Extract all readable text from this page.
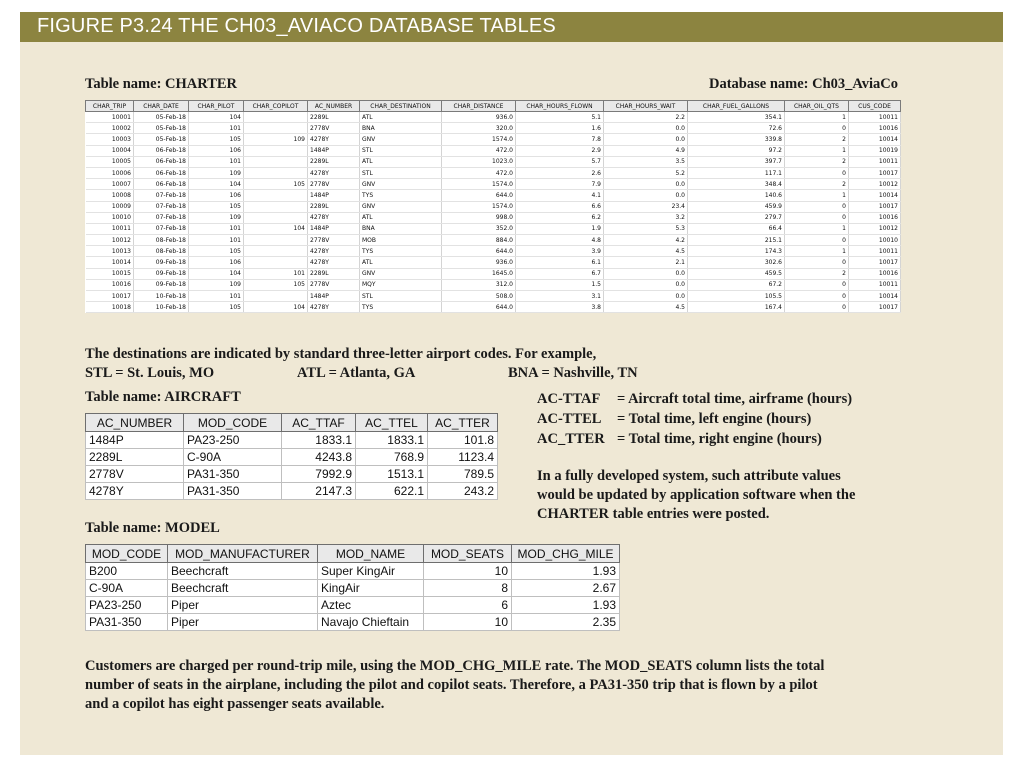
FIGURE P3.24 THE CH03_AVIACO DATABASE TABLES
Table name: CHARTER	Database name: Ch03_AviaCo
CHAR_TRIP	CHAR_DATE	CHAR_PILOT	CHAR_COPILOT	AC_NUMBER	CHAR_DESTINATION	CHAR_DISTANCE	CHAR_HOURS_FLOWN	CHAR_HOURS_WAIT	CHAR_FUEL_GALLONS	CHAR_OIL_QTS	CUS_CODE
10001	05-Feb-18	104		2289L	ATL	936.0	5.1	2.2	354.1	1	10011
10002	05-Feb-18	101		2778V	BNA	320.0	1.6	0.0	72.6	0	10016
10003	05-Feb-18	105	109	4278Y	GNV	1574.0	7.8	0.0	339.8	2	10014
10004	06-Feb-18	106		1484P	STL	472.0	2.9	4.9	97.2	1	10019
10005	06-Feb-18	101		2289L	ATL	1023.0	5.7	3.5	397.7	2	10011
10006	06-Feb-18	109		4278Y	STL	472.0	2.6	5.2	117.1	0	10017
10007	06-Feb-18	104	105	2778V	GNV	1574.0	7.9	0.0	348.4	2	10012
10008	07-Feb-18	106		1484P	TYS	644.0	4.1	0.0	140.6	1	10014
10009	07-Feb-18	105		2289L	GNV	1574.0	6.6	23.4	459.9	0	10017
10010	07-Feb-18	109		4278Y	ATL	998.0	6.2	3.2	279.7	0	10016
10011	07-Feb-18	101	104	1484P	BNA	352.0	1.9	5.3	66.4	1	10012
10012	08-Feb-18	101		2778V	MOB	884.0	4.8	4.2	215.1	0	10010
10013	08-Feb-18	105		4278Y	TYS	644.0	3.9	4.5	174.3	1	10011
10014	09-Feb-18	106		4278Y	ATL	936.0	6.1	2.1	302.6	0	10017
10015	09-Feb-18	104	101	2289L	GNV	1645.0	6.7	0.0	459.5	2	10016
10016	09-Feb-18	109	105	2778V	MQY	312.0	1.5	0.0	67.2	0	10011
10017	10-Feb-18	101		1484P	STL	508.0	3.1	0.0	105.5	0	10014
10018	10-Feb-18	105	104	4278Y	TYS	644.0	3.8	4.5	167.4	0	10017
The destinations are indicated by standard three-letter airport codes. For example,
STL = St. Louis, MO	ATL = Atlanta, GA	BNA = Nashville, TN
Table name: AIRCRAFT
AC_NUMBER	MOD_CODE	AC_TTAF	AC_TTEL	AC_TTER
1484P	PA23-250	1833.1	1833.1	101.8
2289L	C-90A	4243.8	768.9	1123.4
2778V	PA31-350	7992.9	1513.1	789.5
4278Y	PA31-350	2147.3	622.1	243.2
AC-TTAF = Aircraft total time, airframe (hours)
AC-TTEL = Total time, left engine (hours)
AC_TTER = Total time, right engine (hours)
In a fully developed system, such attribute values
would be updated by application software when the
CHARTER table entries were posted.
Table name: MODEL
MOD_CODE	MOD_MANUFACTURER	MOD_NAME	MOD_SEATS	MOD_CHG_MILE
B200	Beechcraft	Super KingAir	10	1.93
C-90A	Beechcraft	KingAir	8	2.67
PA23-250	Piper	Aztec	6	1.93
PA31-350	Piper	Navajo Chieftain	10	2.35
Customers are charged per round-trip mile, using the MOD_CHG_MILE rate. The MOD_SEATS column lists the total
number of seats in the airplane, including the pilot and copilot seats. Therefore, a PA31-350 trip that is flown by a pilot
and a copilot has eight passenger seats available.
